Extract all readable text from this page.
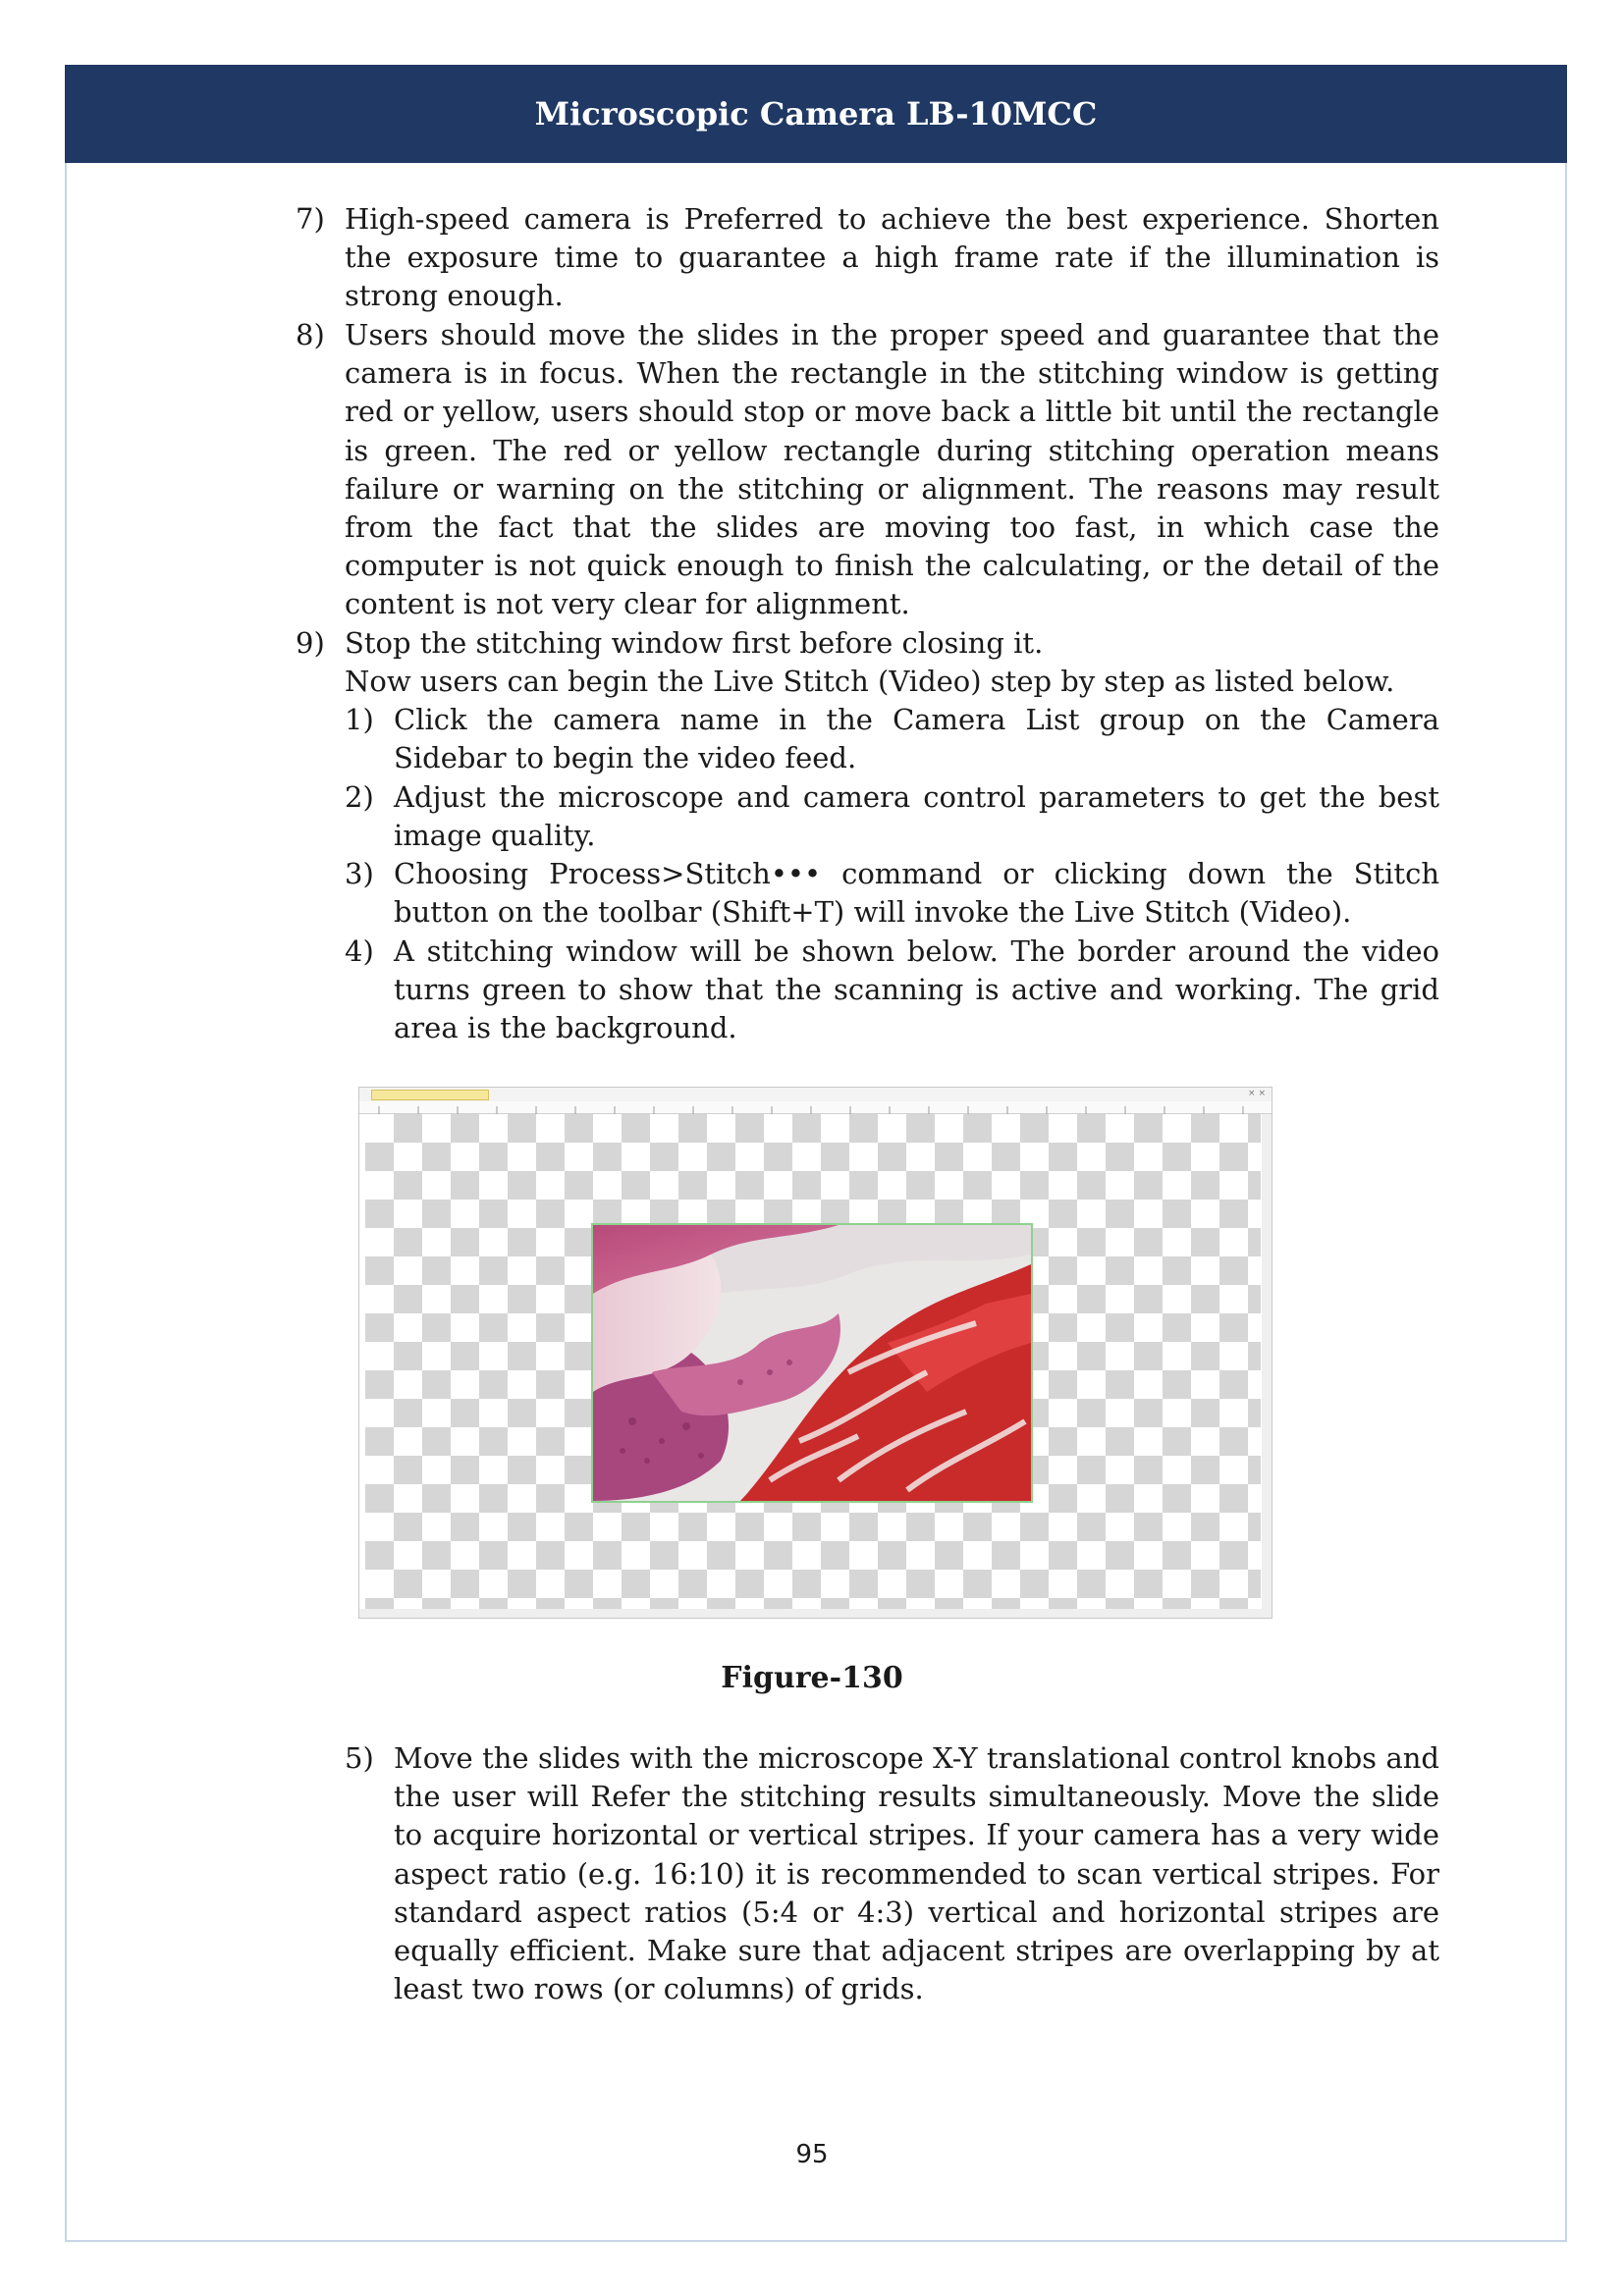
Microscopic Camera LB-10MCC
7) High-speed camera is Preferred to achieve the best experience. Shorten the exposure time to guarantee a high frame rate if the illumination is strong enough.
8) Users should move the slides in the proper speed and guarantee that the camera is in focus. When the rectangle in the stitching window is getting red or yellow, users should stop or move back a little bit until the rectangle is green. The red or yellow rectangle during stitching operation means failure or warning on the stitching or alignment. The reasons may result from the fact that the slides are moving too fast, in which case the computer is not quick enough to finish the calculating, or the detail of the content is not very clear for alignment.
9) Stop the stitching window first before closing it.
Now users can begin the Live Stitch (Video) step by step as listed below.
1) Click the camera name in the Camera List group on the Camera Sidebar to begin the video feed.
2) Adjust the microscope and camera control parameters to get the best image quality.
3) Choosing Process>Stitch••• command or clicking down the Stitch button on the toolbar (Shift+T) will invoke the Live Stitch (Video).
4) A stitching window will be shown below. The border around the video turns green to show that the scanning is active and working. The grid area is the background.
× ×
Figure-130
5) Move the slides with the microscope X-Y translational control knobs and the user will Refer the stitching results simultaneously. Move the slide to acquire horizontal or vertical stripes. If your camera has a very wide aspect ratio (e.g. 16:10) it is recommended to scan vertical stripes. For standard aspect ratios (5:4 or 4:3) vertical and horizontal stripes are equally efficient. Make sure that adjacent stripes are overlapping by at least two rows (or columns) of grids.
95
